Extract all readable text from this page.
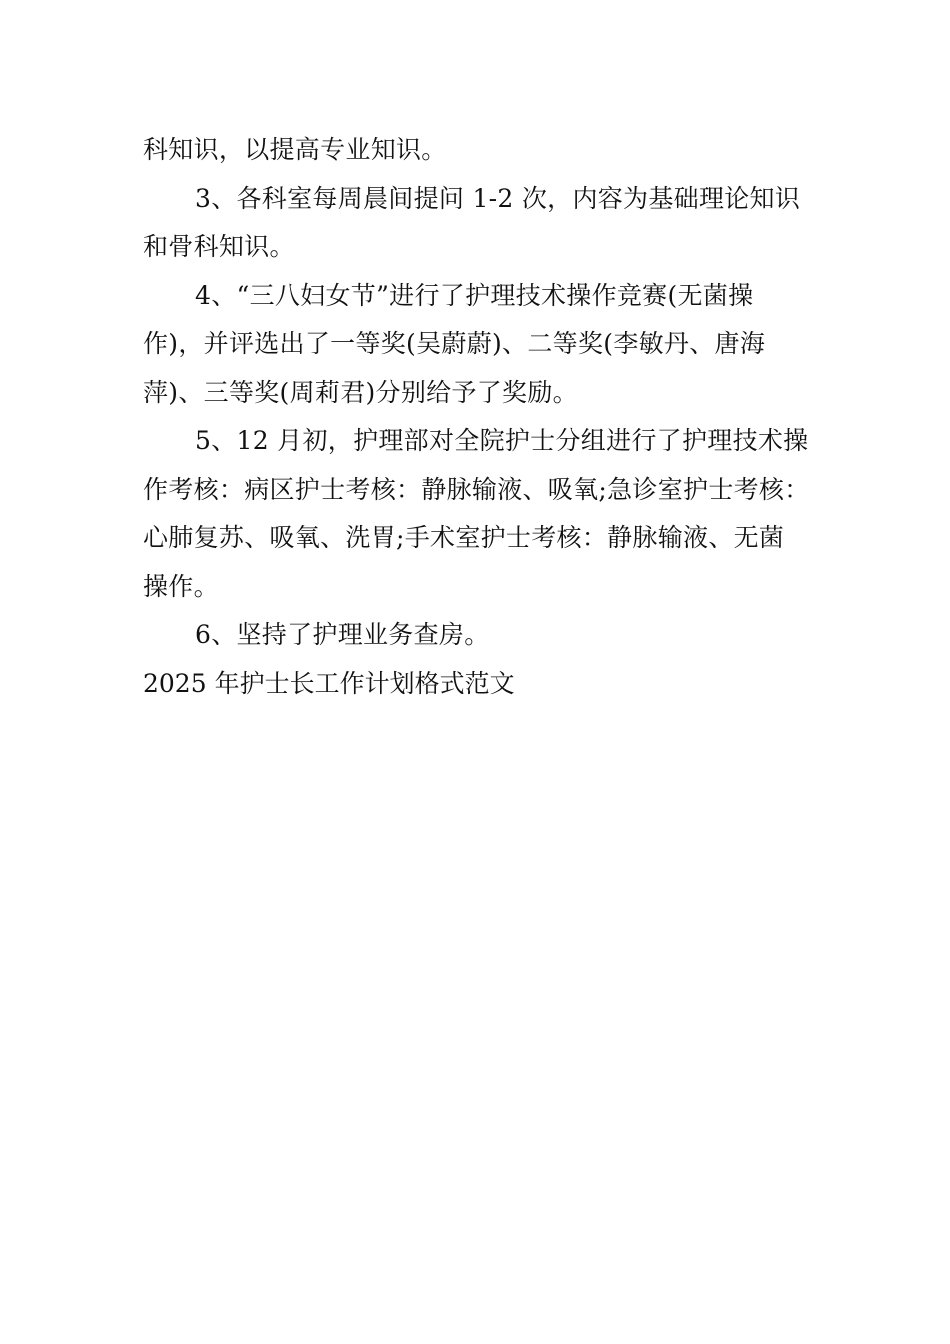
科知识，以提高专业知识。

3、各科室每周晨间提问 1-2 次，内容为基础理论知识
和骨科知识。

4、“三八妇女节”进行了护理技术操作竞赛(无菌操
作)，并评选出了一等奖(吴蔚蔚)、二等奖(李敏丹、唐海
萍)、三等奖(周莉君)分别给予了奖励。

5、12 月初，护理部对全院护士分组进行了护理技术操
作考核：病区护士考核：静脉输液、吸氧;急诊室护士考核：
心肺复苏、吸氧、洗胃;手术室护士考核：静脉输液、无菌
操作。

6、坚持了护理业务查房。

2025 年护士长工作计划格式范文
